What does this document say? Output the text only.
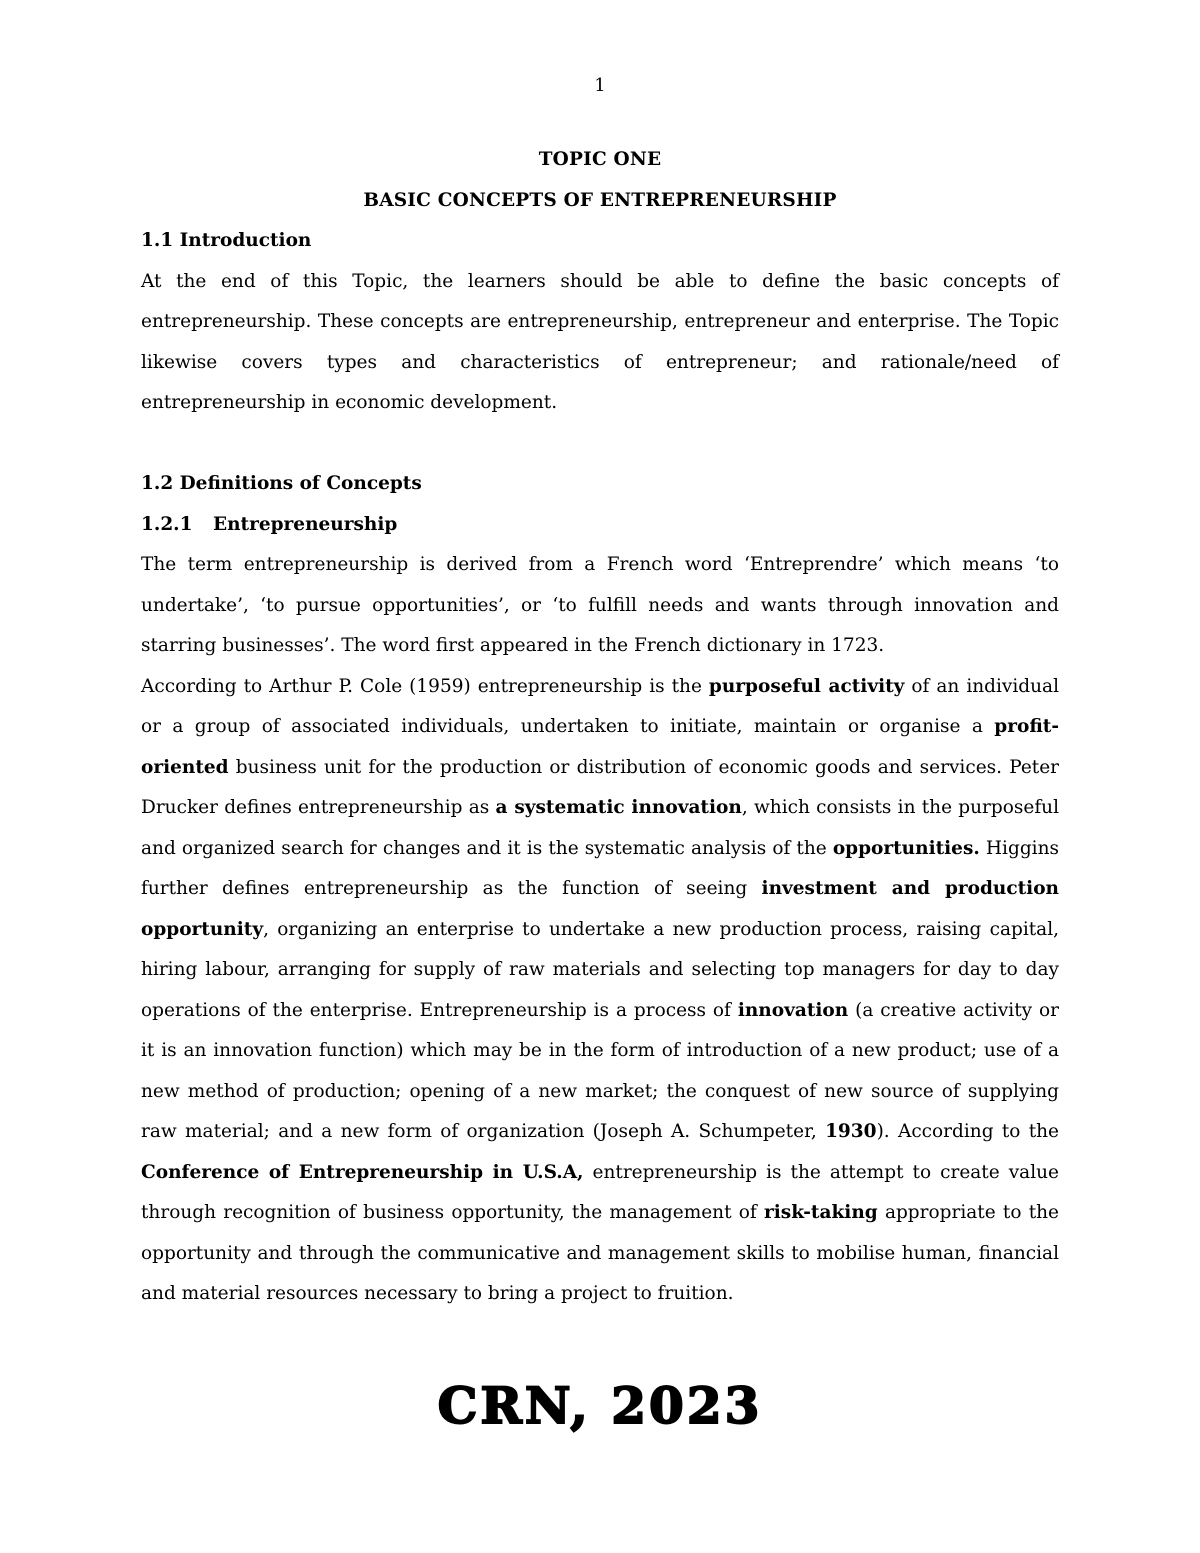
1
TOPIC ONE
BASIC CONCEPTS OF ENTREPRENEURSHIP
1.1 Introduction

At the end of this Topic, the learners should be able to define the basic concepts of entrepreneurship. These concepts are entrepreneurship, entrepreneur and enterprise. The Topic likewise covers types and characteristics of entrepreneur; and rationale/need of entrepreneurship in economic development.

1.2 Definitions of Concepts
1.2.1 Entrepreneurship

The term entrepreneurship is derived from a French word ‘Entreprendre’ which means ‘to undertake’, ‘to pursue opportunities’, or ‘to fulfill needs and wants through innovation and starring businesses’. The word first appeared in the French dictionary in 1723.

According to Arthur P. Cole (1959) entrepreneurship is the purposeful activity of an individual or a group of associated individuals, undertaken to initiate, maintain or organise a profit-oriented business unit for the production or distribution of economic goods and services. Peter Drucker defines entrepreneurship as a systematic innovation, which consists in the purposeful and organized search for changes and it is the systematic analysis of the opportunities. Higgins further defines entrepreneurship as the function of seeing investment and production opportunity, organizing an enterprise to undertake a new production process, raising capital, hiring labour, arranging for supply of raw materials and selecting top managers for day to day operations of the enterprise. Entrepreneurship is a process of innovation (a creative activity or it is an innovation function) which may be in the form of introduction of a new product; use of a new method of production; opening of a new market; the conquest of new source of supplying raw material; and a new form of organization (Joseph A. Schumpeter, 1930). According to the Conference of Entrepreneurship in U.S.A, entrepreneurship is the attempt to create value through recognition of business opportunity, the management of risk-taking appropriate to the opportunity and through the communicative and management skills to mobilise human, financial and material resources necessary to bring a project to fruition.

CRN, 2023
